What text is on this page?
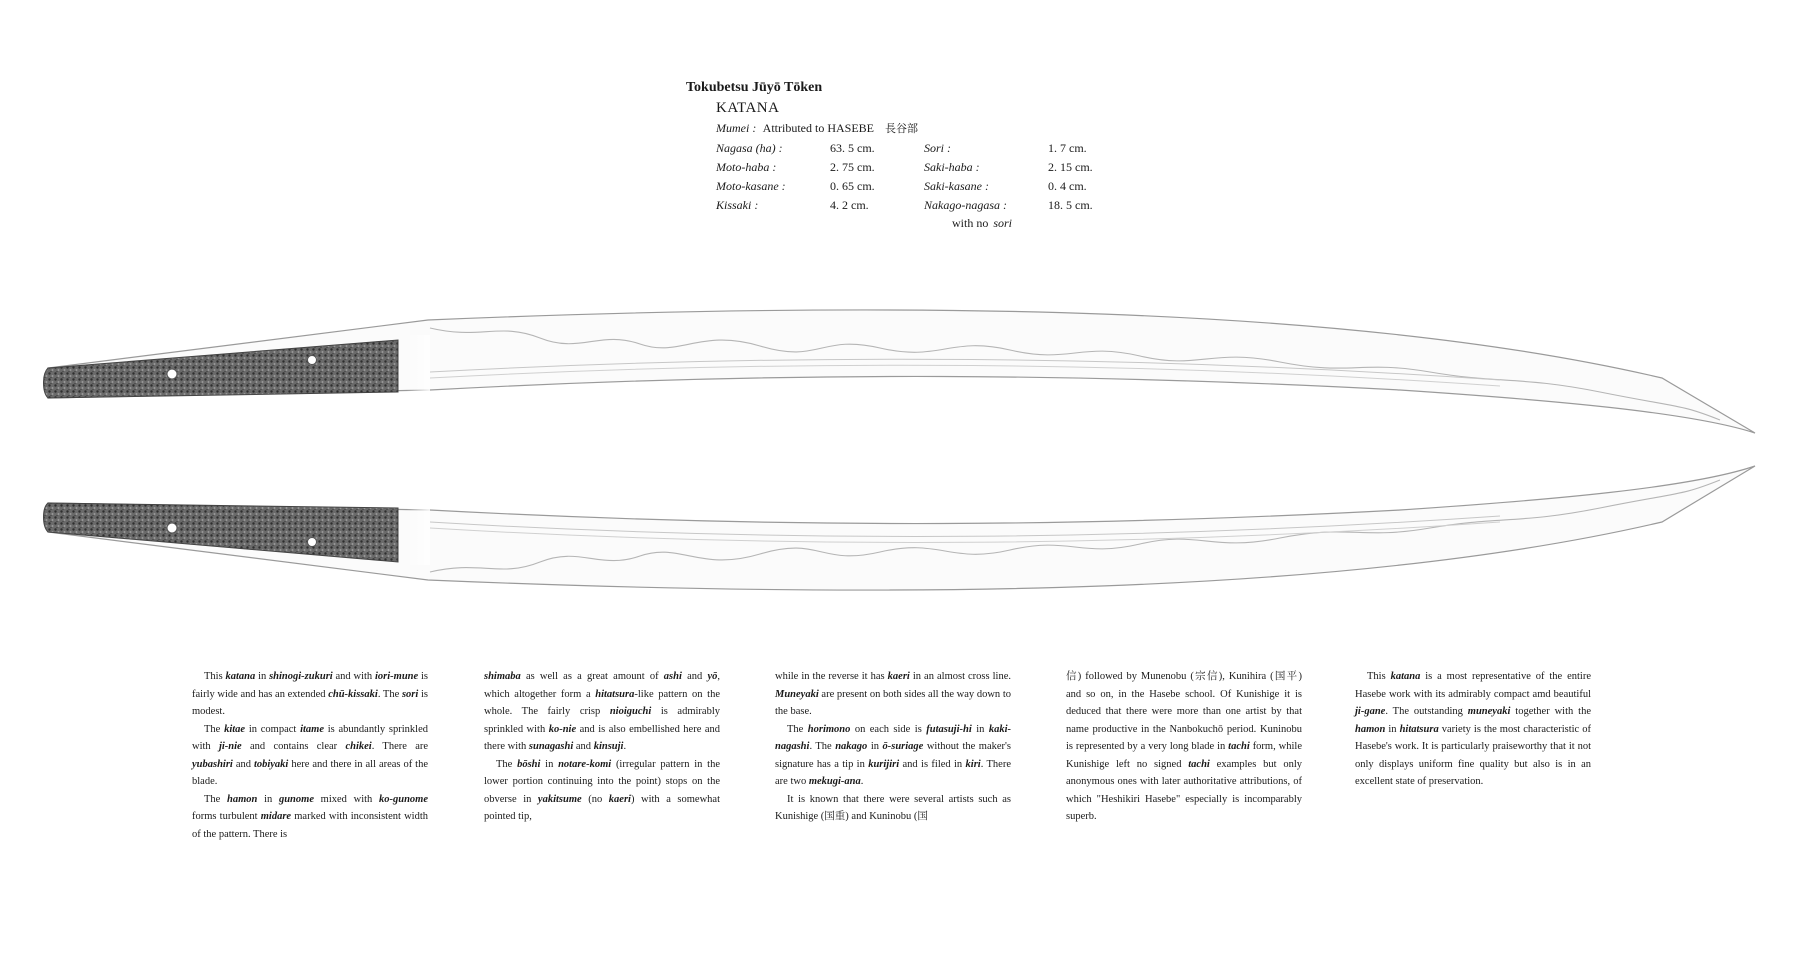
Tokubetsu Jūyō Tōken
KATANA
Mumei : Attributed to HASEBE 長谷部
Nagasa (ha) :	63. 5 cm.	Sori :	1. 7 cm.
Moto-haba :	2. 75 cm.	Saki-haba :	2. 15 cm.
Moto-kasane :	0. 65 cm.	Saki-kasane :	0. 4 cm.
Kissaki :	4. 2 cm.	Nakago-nagasa :	18. 5 cm.
with no sori

This katana in shinogi-zukuri and with iori-mune is fairly wide and has an extended chū-kissaki. The sori is modest.

The kitae in compact itame is abundantly sprinkled with ji-nie and contains clear chikei. There are yubashiri and tobiyaki here and there in all areas of the blade.

The hamon in gunome mixed with ko-gunome forms turbulent midare marked with inconsistent width of the pattern. There is

shimaba as well as a great amount of ashi and yō, which altogether form a hitatsura-like pattern on the whole. The fairly crisp nioiguchi is admirably sprinkled with ko-nie and is also embellished here and there with sunagashi and kinsuji.

The bōshi in notare-komi (irregular pattern in the lower portion continuing into the point) stops on the obverse in yakitsume (no kaeri) with a somewhat pointed tip,

while in the reverse it has kaeri in an almost cross line. Muneyaki are present on both sides all the way down to the base.

The horimono on each side is futasuji-hi in kaki-nagashi. The nakago in ō-suriage without the maker's signature has a tip in kurijiri and is filed in kiri. There are two mekugi-ana.

It is known that there were several artists such as Kunishige (国重) and Kuninobu (国

信) followed by Munenobu (宗信), Kunihira (国平) and so on, in the Hasebe school. Of Kunishige it is deduced that there were more than one artist by that name productive in the Nanbokuchō period. Kuninobu is represented by a very long blade in tachi form, while Kunishige left no signed tachi examples but only anonymous ones with later authoritative attributions, of which "Heshikiri Hasebe" especially is incomparably superb.

This katana is a most representative of the entire Hasebe work with its admirably compact amd beautiful ji-gane. The outstanding muneyaki together with the hamon in hitatsura variety is the most characteristic of Hasebe's work. It is particularly praiseworthy that it not only displays uniform fine quality but also is in an excellent state of preservation.
